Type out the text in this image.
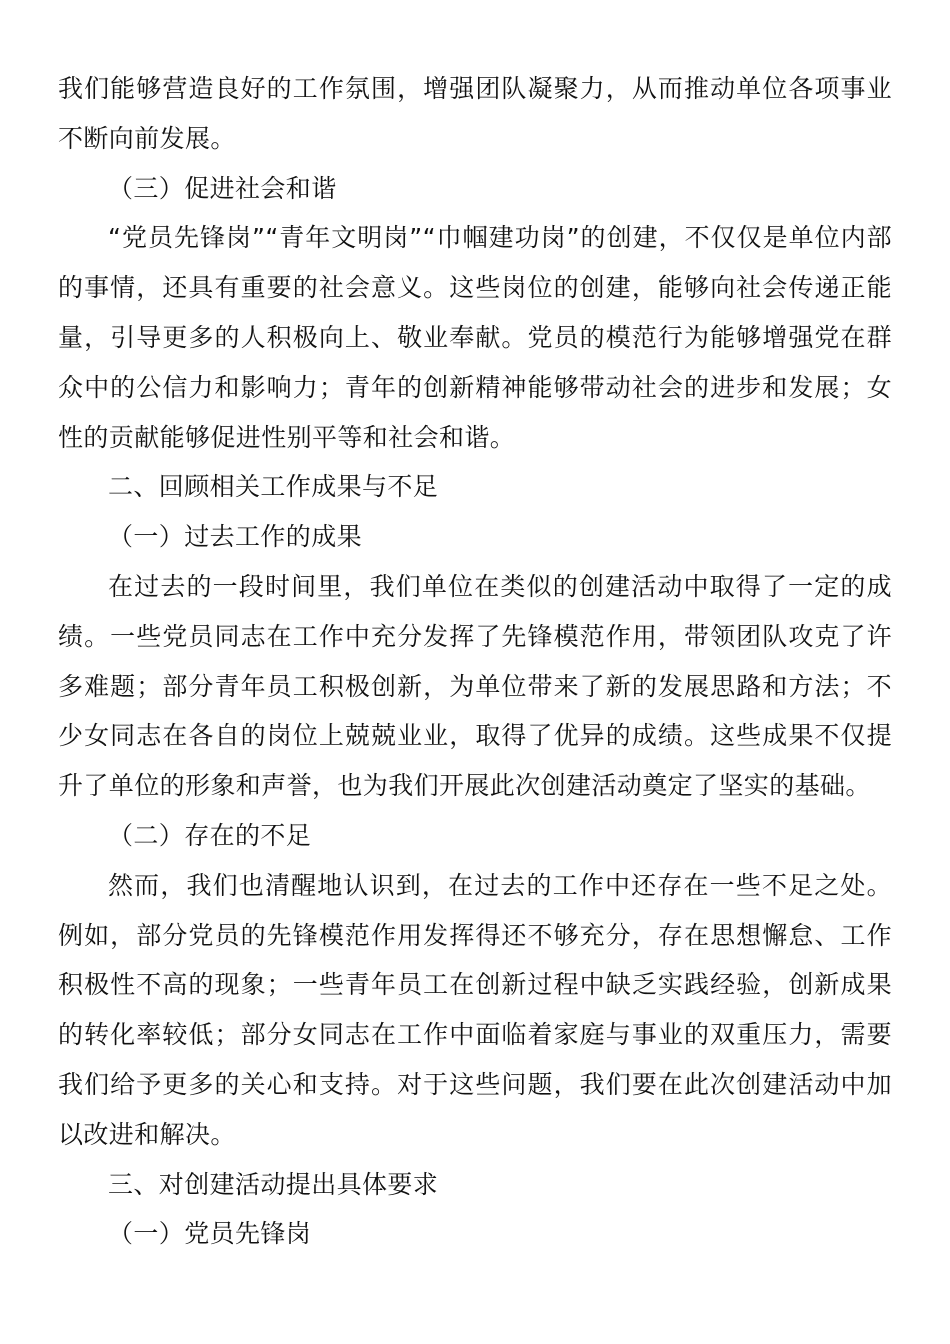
我们能够营造良好的工作氛围，增强团队凝聚力，从而推动单位各项事业不断向前发展。

（三）促进社会和谐

“党员先锋岗”“青年文明岗”“巾帼建功岗”的创建，不仅仅是单位内部的事情，还具有重要的社会意义。这些岗位的创建，能够向社会传递正能量，引导更多的人积极向上、敬业奉献。党员的模范行为能够增强党在群众中的公信力和影响力；青年的创新精神能够带动社会的进步和发展；女性的贡献能够促进性别平等和社会和谐。

二、回顾相关工作成果与不足

（一）过去工作的成果

在过去的一段时间里，我们单位在类似的创建活动中取得了一定的成绩。一些党员同志在工作中充分发挥了先锋模范作用，带领团队攻克了许多难题；部分青年员工积极创新，为单位带来了新的发展思路和方法；不少女同志在各自的岗位上兢兢业业，取得了优异的成绩。这些成果不仅提升了单位的形象和声誉，也为我们开展此次创建活动奠定了坚实的基础。

（二）存在的不足

然而，我们也清醒地认识到，在过去的工作中还存在一些不足之处。例如，部分党员的先锋模范作用发挥得还不够充分，存在思想懈怠、工作积极性不高的现象；一些青年员工在创新过程中缺乏实践经验，创新成果的转化率较低；部分女同志在工作中面临着家庭与事业的双重压力，需要我们给予更多的关心和支持。对于这些问题，我们要在此次创建活动中加以改进和解决。

三、对创建活动提出具体要求

（一）党员先锋岗
